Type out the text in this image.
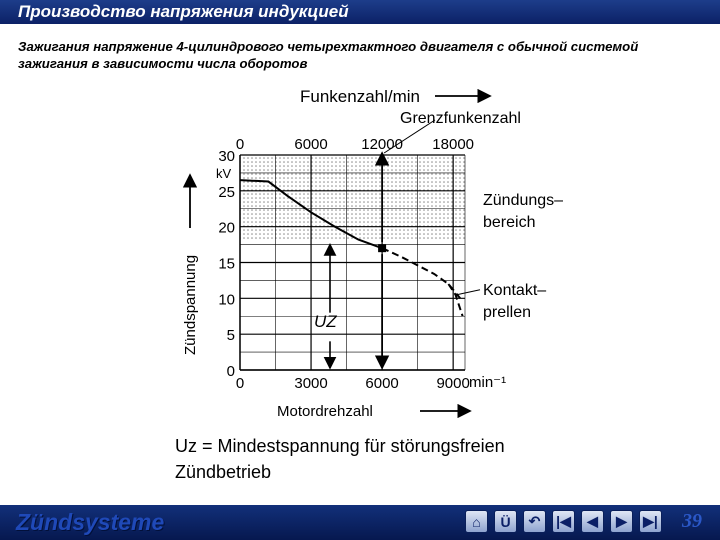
Производство напряжения индукцией
Зажигания напряжение 4-цилиндрового четырехтактного двигателя с обычной системой зажигания в зависимости числа оборотов
Zündungs–
bereich
0	3000	6000	9000
0
5
10
15
20
25
30
0	6000 12000 18000
UZ
Kontakt–
prellen
Funkenzahl/min
Grenzfunkenzahl
Zündspannung
Motordrehzahl
min⁻¹
kV
Uz = Mindestspannung für störungsfreien
Zündbetrieb
Zündsysteme	⌂ Ü ↶ |◀ ◀ ▶ ▶| 39
